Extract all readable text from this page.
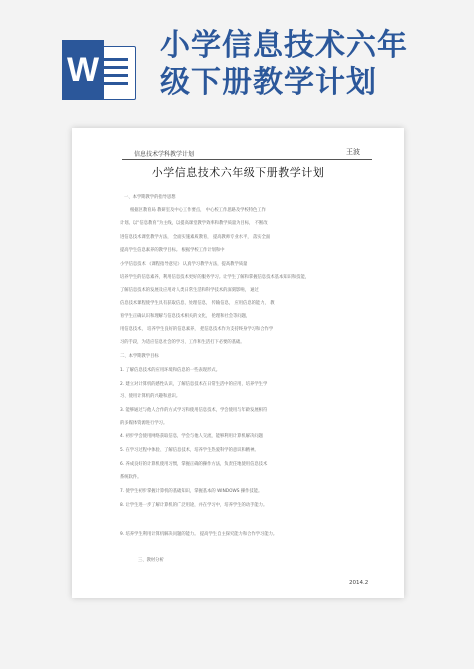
W
小学信息技术六年
级下册教学计划
信息技术学科教学计划	王波
小学信息技术六年级下册教学计划
一、本学期教学的指导思想
根据区教育局 教研室及中心工作要点， 中心校工作思路及学校特色工作
计划。以“信息教育”为主线，以提高课堂教学效率和教学质量为目标， 不断改
进信息技术课堂教学方法， 全面实施素质教育， 提高教师专业水平， 落实全面
提高学生信息素养的教学目标。 根据学校工作计划和中
小学信息技术 《课程指导意见》 认真学习教学方法，提高教学质量
培养学生的信息素养，利用信息技术更好的服务学习。让学生了解和掌握信息技术基本知识和技能，
了解信息技术的发展及应用对人类日常生活和科学技术的深刻影响， 通过
信息技术课程使学生具有获取信息，处理信息， 传输信息， 应用信息的能力， 教
育学生正确认识和理解与信息技术相关的文化， 伦理和社会等问题，
用信息技术， 培养学生良好的信息素养， 把信息技术作为支持终身学习和合作学
习的手段，为适应信息社会的学习、工作和生活打下必要的基础。
二、本学期教学目标
1. 了解信息技术的应用环境和信息的一些表现形式。
2. 建立对计算机的感性认识，了解信息技术在日常生活中的应用，培养学生学
习、使用计算机的兴趣和意识。
3. 能够通过与他人合作的方式学习和使用信息技术，学会使用与年龄发展相符
的多媒体资源进行学习。
4. 初步学会使用网络获取信息，学会与他人交流，能够利用计算机解决问题
5. 在学习过程中体验、了解信息技术，培养学生热爱科学的意识和精神。
6. 养成良好的计算机使用习惯，掌握正确的操作方法，负责任地使用信息技术
系统软件。
7. 使学生初步掌握计算机的基础知识，掌握基本的 WINDOWS 操作技能。
8. 让学生进一步了解计算机的广泛用途，并在学习中，培养学生的动手能力。
9. 培养学生利用计算机解决问题的能力。 提高学生自主探究能力和合作学习能力。
三、教材分析
2014.2
